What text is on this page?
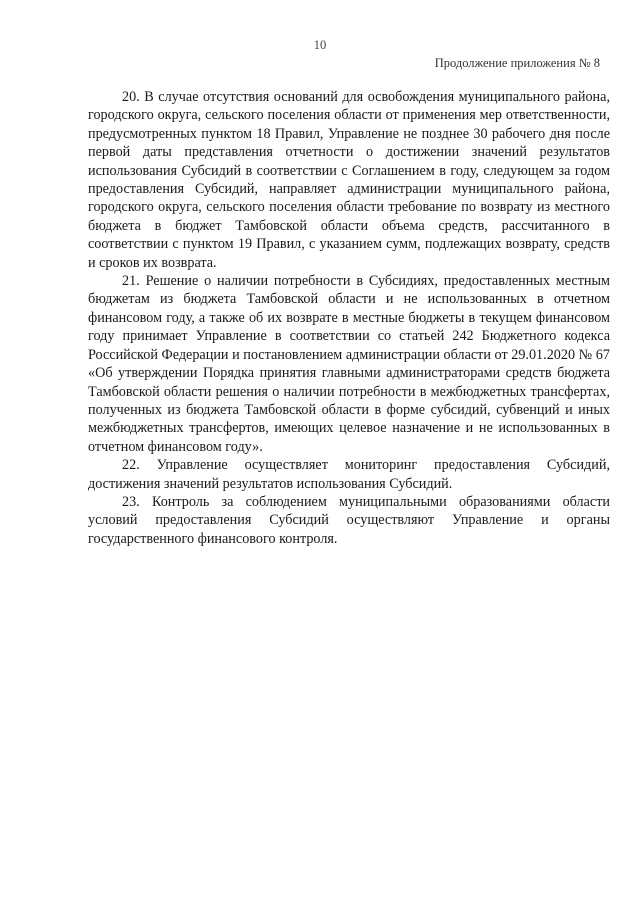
10
Продолжение приложения № 8

20. В случае отсутствия оснований для освобождения муниципального района, городского округа, сельского поселения области от применения мер ответственности, предусмотренных пунктом 18 Правил, Управление не позднее 30 рабочего дня после первой даты представления отчетности о достижении значений результатов использования Субсидий в соответствии с Соглашением в году, следующем за годом предоставления Субсидий, направляет администрации муниципального района, городского округа, сельского поселения области требование по возврату из местного бюджета в бюджет Тамбовской области объема средств, рассчитанного в соответствии с пунктом 19 Правил, с указанием сумм, подлежащих возврату, средств и сроков их возврата.

21. Решение о наличии потребности в Субсидиях, предоставленных местным бюджетам из бюджета Тамбовской области и не использованных в отчетном финансовом году, а также об их возврате в местные бюджеты в текущем финансовом году принимает Управление в соответствии со статьей 242 Бюджетного кодекса Российской Федерации и постановлением администрации области от 29.01.2020 № 67 «Об утверждении Порядка принятия главными администраторами средств бюджета Тамбовской области решения о наличии потребности в межбюджетных трансфертах, полученных из бюджета Тамбовской области в форме субсидий, субвенций и иных межбюджетных трансфертов, имеющих целевое назначение и не использованных в отчетном финансовом году».

22. Управление осуществляет мониторинг предоставления Субсидий, достижения значений результатов использования Субсидий.

23. Контроль за соблюдением муниципальными образованиями области условий предоставления Субсидий осуществляют Управление и органы государственного финансового контроля.
